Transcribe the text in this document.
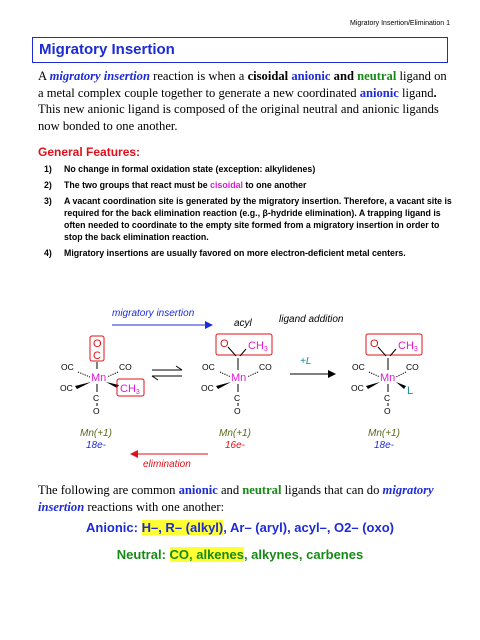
Migratory Insertion/Elimination 1
Migratory Insertion
A migratory insertion reaction is when a cisoidal anionic and neutral ligand on a metal complex couple together to generate a new coordinated anionic ligand. This new anionic ligand is composed of the original neutral and anionic ligands now bonded to one another.
General Features:
1) No change in formal oxidation state (exception: alkylidenes)
2) The two groups that react must be cisoidal to one another
3) A vacant coordination site is generated by the migratory insertion. Therefore, a vacant site is required for the back elimination reaction (e.g., β-hydride elimination). A trapping ligand is often needed to coordinate to the empty site formed from a migratory insertion in order to stop the back elimination reaction.
4) Migratory insertions are usually favored on more electron-deficient metal centers.
migratory insertion
acyl	ligand addition
O
C
OC	CO
Mn
OC	CH3
C
O
O CH3
OC	CO
Mn
OC
C
O
+L
O CH3
OC	CO
Mn
OC	L
C
O
Mn(+1)
18e-
Mn(+1)
16e-
Mn(+1)
18e-
elimination
The following are common anionic and neutral ligands that can do migratory insertion reactions with one another:
Anionic: H–, R– (alkyl), Ar– (aryl), acyl–, O2– (oxo)
Neutral: CO, alkenes, alkynes, carbenes
